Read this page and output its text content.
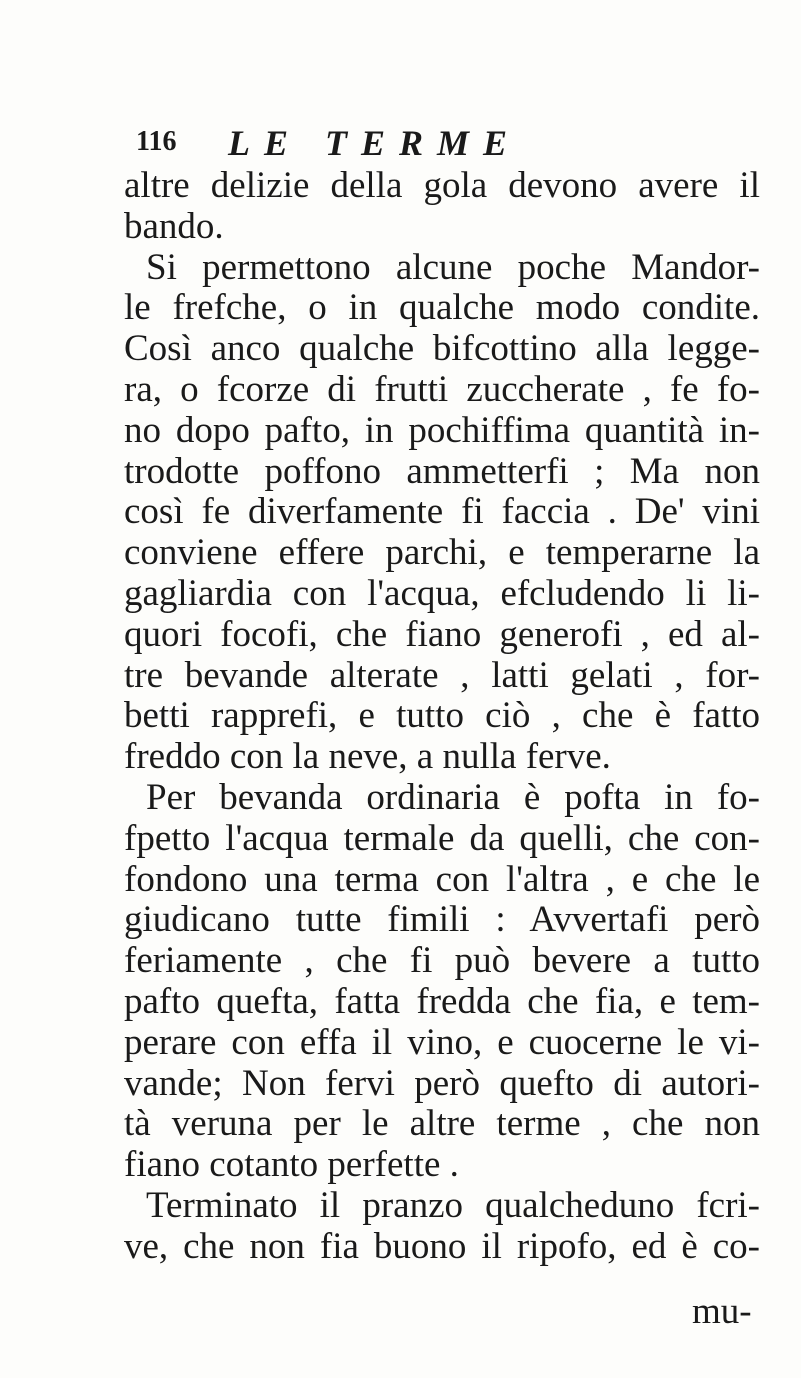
116 LE TERME
altre delizie della gola devono avere il
bando.
Si permettono alcune poche Mandor-
le frefche, o in qualche modo condite.
Così anco qualche bifcottino alla legge-
ra, o fcorze di frutti zuccherate , fe fo-
no dopo pafto, in pochiffima quantità in-
trodotte poffono ammetterfi ; Ma non
così fe diverfamente fi faccia . De' vini
conviene effere parchi, e temperarne la
gagliardia con l'acqua, efcludendo li li-
quori focofi, che fiano generofi , ed al-
tre bevande alterate , latti gelati , for-
betti rapprefi, e tutto ciò , che è fatto
freddo con la neve, a nulla ferve.
Per bevanda ordinaria è pofta in fo-
fpetto l'acqua termale da quelli, che con-
fondono una terma con l'altra , e che le
giudicano tutte fimili : Avvertafi però
feriamente , che fi può bevere a tutto
pafto quefta, fatta fredda che fia, e tem-
perare con effa il vino, e cuocerne le vi-
vande; Non fervi però quefto di autori-
tà veruna per le altre terme , che non
fiano cotanto perfette .
Terminato il pranzo qualcheduno fcri-
ve, che non fia buono il ripofo, ed è co-
mu-
